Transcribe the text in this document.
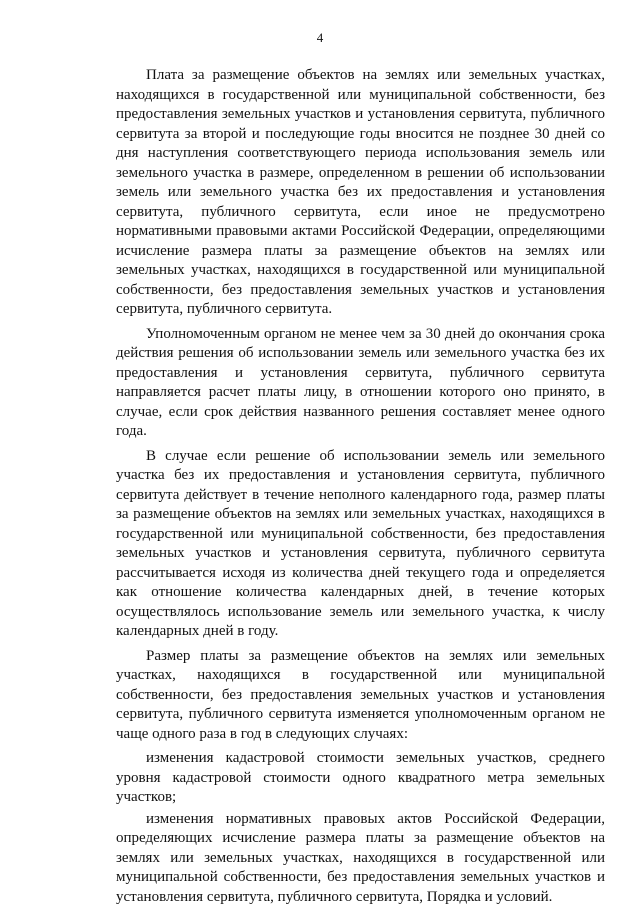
4

Плата за размещение объектов на землях или земельных участках, находящихся в государственной или муниципальной собственности, без предоставления земельных участков и установления сервитута, публичного сервитута за второй и последующие годы вносится не позднее 30 дней со дня наступления соответствующего периода использования земель или земельного участка в размере, определенном в решении об использовании земель или земельного участка без их предоставления и установления сервитута, публичного сервитута, если иное не предусмотрено нормативными правовыми актами Российской Федерации, определяющими исчисление размера платы за размещение объектов на землях или земельных участках, находящихся в государственной или муниципальной собственности, без предоставления земельных участков и установления сервитута, публичного сервитута.

Уполномоченным органом не менее чем за 30 дней до окончания срока действия решения об использовании земель или земельного участка без их предоставления и установления сервитута, публичного сервитута направляется расчет платы лицу, в отношении которого оно принято, в случае, если срок действия названного решения составляет менее одного года.

В случае если решение об использовании земель или земельного участка без их предоставления и установления сервитута, публичного сервитута действует в течение неполного календарного года, размер платы за размещение объектов на землях или земельных участках, находящихся в государственной или муниципальной собственности, без предоставления земельных участков и установления сервитута, публичного сервитута рассчитывается исходя из количества дней текущего года и определяется как отношение количества календарных дней, в течение которых осуществлялось использование земель или земельного участка, к числу календарных дней в году.

Размер платы за размещение объектов на землях или земельных участках, находящихся в государственной или муниципальной собственности, без предоставления земельных участков и установления сервитута, публичного сервитута изменяется уполномоченным органом не чаще одного раза в год в следующих случаях:

изменения кадастровой стоимости земельных участков, среднего уровня кадастровой стоимости одного квадратного метра земельных участков;

изменения нормативных правовых актов Российской Федерации, определяющих исчисление размера платы за размещение объектов на землях или земельных участках, находящихся в государственной или муниципальной собственности, без предоставления земельных участков и установления сервитута, публичного сервитута, Порядка и условий.
